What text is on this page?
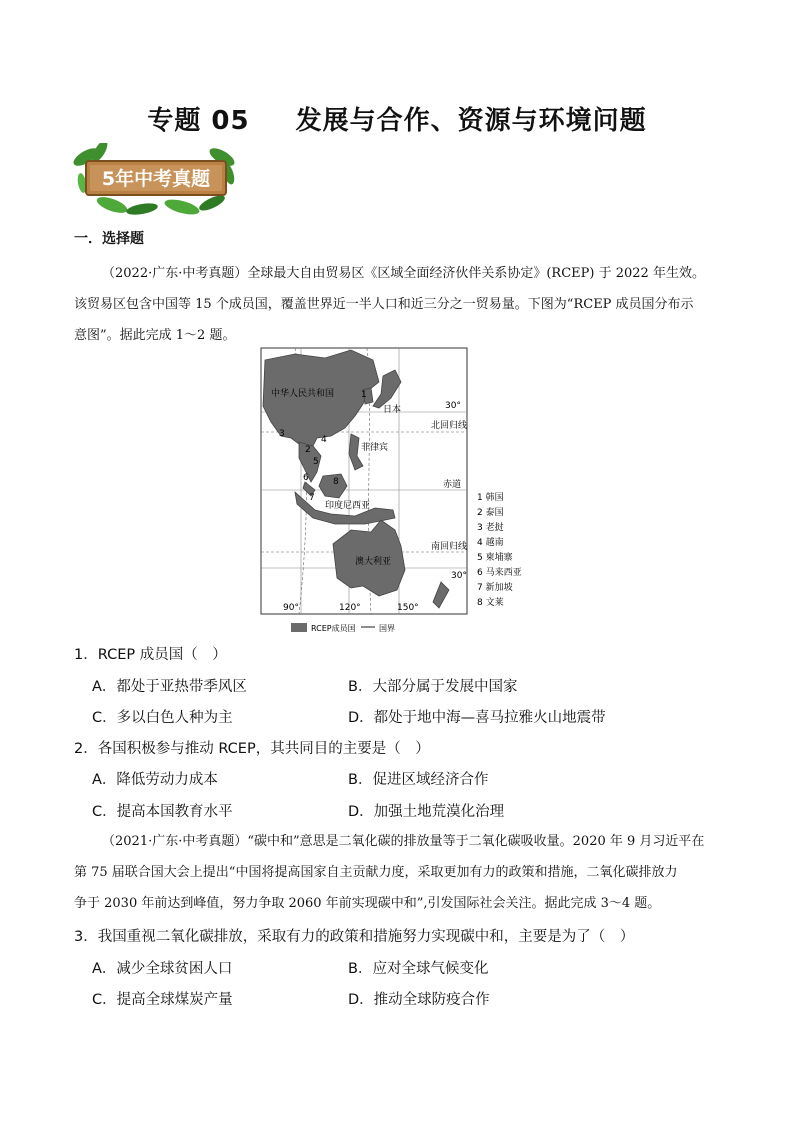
专题 05 发展与合作、资源与环境问题
5年中考真题
一．选择题
（2022·广东·中考真题）全球最大自由贸易区《区域全面经济伙伴关系协定》(RCEP) 于 2022 年生效。
该贸易区包含中国等 15 个成员国，覆盖世界近一半人口和近三分之一贸易量。下图为“RCEP 成员国分布示
意图”。据此完成 1～2 题。
1
2
3
4
5
6
7
8
中华人民共和国
日本
菲律宾
印度尼西亚
澳大利亚
北回归线
赤道
南回归线
30°
30°
90°	120°	150°
1 韩国
2 泰国
3 老挝
4 越南
5 柬埔寨
6 马来西亚
7 新加坡
8 文莱
RCEP成员国	国界
1．RCEP 成员国（　）
A．都处于亚热带季风区	B．大部分属于发展中国家
C．多以白色人种为主	D．都处于地中海—喜马拉雅火山地震带
2．各国积极参与推动 RCEP，其共同目的主要是（　）
A．降低劳动力成本	B．促进区域经济合作
C．提高本国教育水平	D．加强土地荒漠化治理
（2021·广东·中考真题）“碳中和”意思是二氧化碳的排放量等于二氧化碳吸收量。2020 年 9 月习近平在
第 75 届联合国大会上提出“中国将提高国家自主贡献力度，采取更加有力的政策和措施，二氧化碳排放力
争于 2030 年前达到峰值，努力争取 2060 年前实现碳中和”,引发国际社会关注。据此完成 3～4 题。
3．我国重视二氧化碳排放，采取有力的政策和措施努力实现碳中和，主要是为了（　）
A．减少全球贫困人口	B．应对全球气候变化
C．提高全球煤炭产量	D．推动全球防疫合作
